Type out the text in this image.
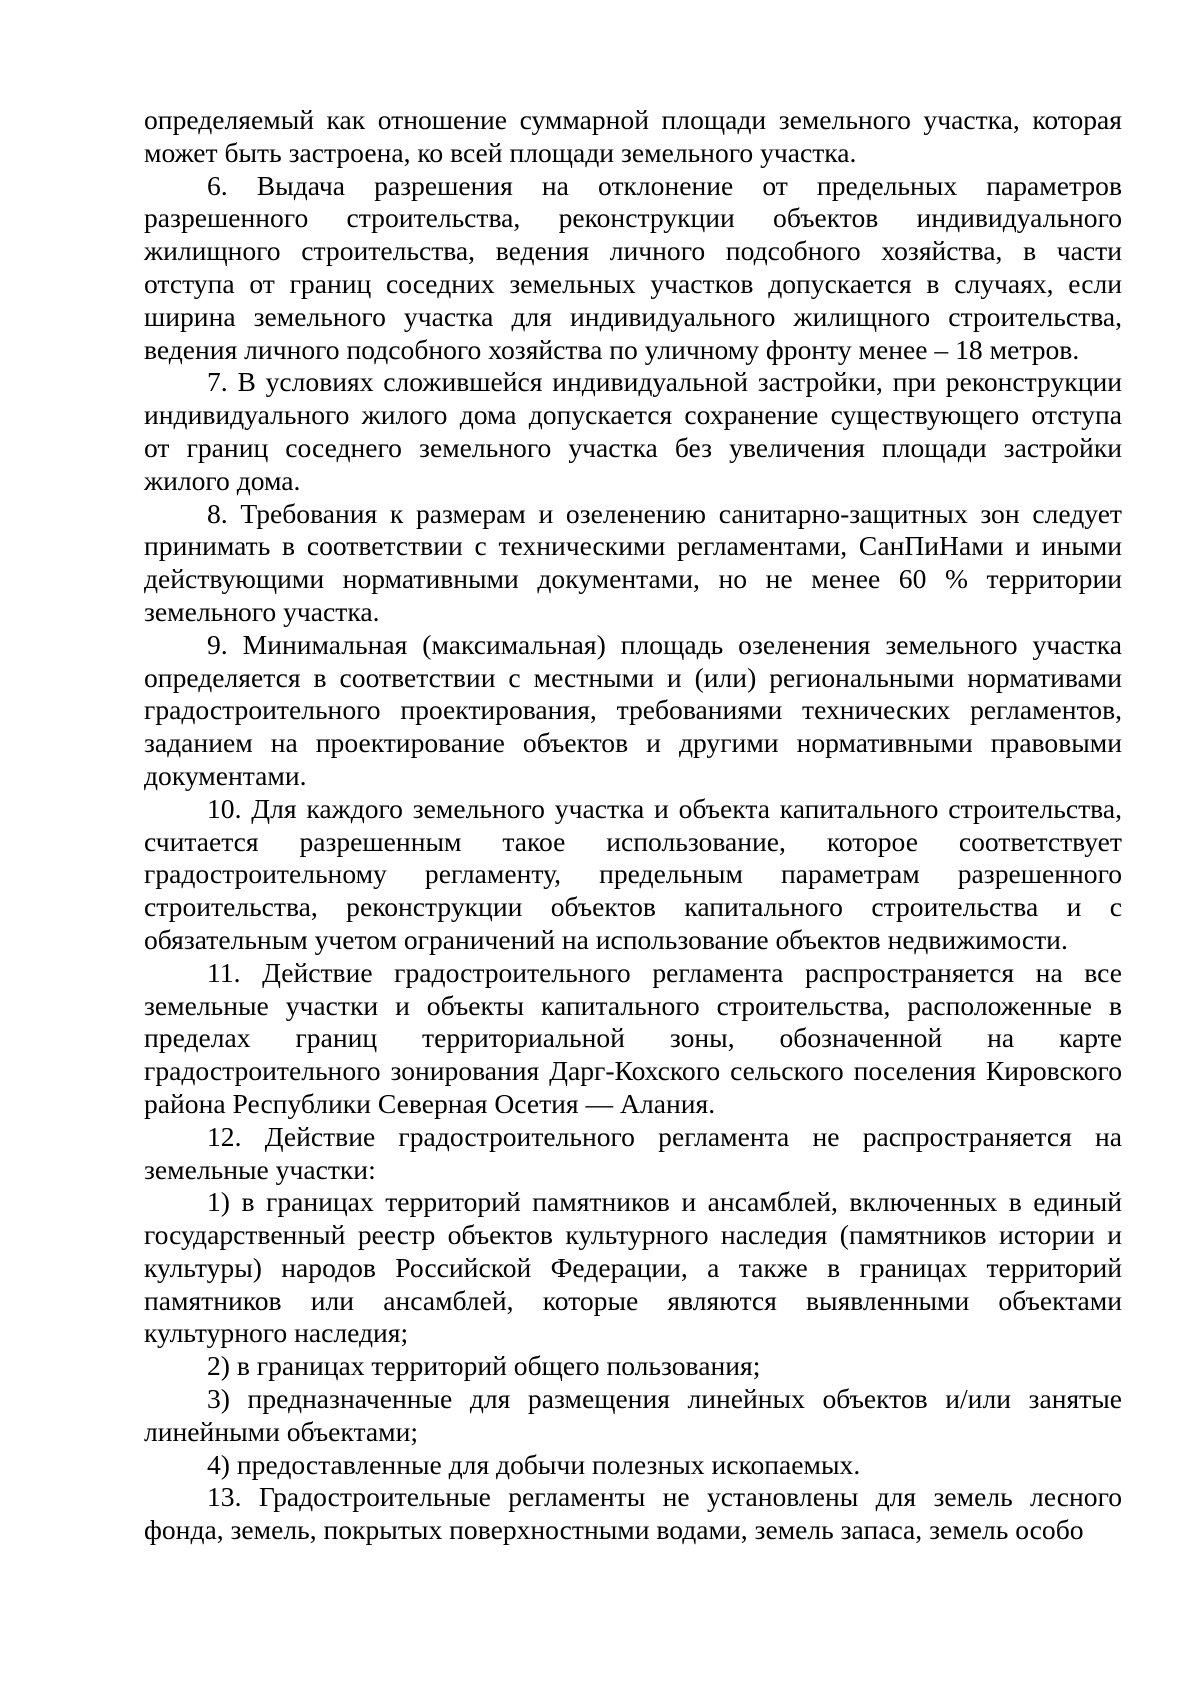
определяемый как отношение суммарной площади земельного участка, которая может быть застроена, ко всей площади земельного участка.

6. Выдача разрешения на отклонение от предельных параметров разрешенного строительства, реконструкции объектов индивидуального жилищного строительства, ведения личного подсобного хозяйства, в части отступа от границ соседних земельных участков допускается в случаях, если ширина земельного участка для индивидуального жилищного строительства, ведения личного подсобного хозяйства по уличному фронту менее – 18 метров.

7. В условиях сложившейся индивидуальной застройки, при реконструкции индивидуального жилого дома допускается сохранение существующего отступа от границ соседнего земельного участка без увеличения площади застройки жилого дома.

8. Требования к размерам и озеленению санитарно-защитных зон следует принимать в соответствии с техническими регламентами, СанПиНами и иными действующими нормативными документами, но не менее 60 % территории земельного участка.

9. Минимальная (максимальная) площадь озеленения земельного участка определяется в соответствии с местными и (или) региональными нормативами градостроительного проектирования, требованиями технических регламентов, заданием на проектирование объектов и другими нормативными правовыми документами.

10. Для каждого земельного участка и объекта капитального строительства, считается разрешенным такое использование, которое соответствует градостроительному регламенту, предельным параметрам разрешенного строительства, реконструкции объектов капитального строительства и с обязательным учетом ограничений на использование объектов недвижимости.

11. Действие градостроительного регламента распространяется на все земельные участки и объекты капитального строительства, расположенные в пределах границ территориальной зоны, обозначенной на карте градостроительного зонирования Дарг-Кохского сельского поселения Кировского района Республики Северная Осетия — Алания.

12. Действие градостроительного регламента не распространяется на земельные участки:

1) в границах территорий памятников и ансамблей, включенных в единый государственный реестр объектов культурного наследия (памятников истории и культуры) народов Российской Федерации, а также в границах территорий памятников или ансамблей, которые являются выявленными объектами культурного наследия;

2) в границах территорий общего пользования;

3) предназначенные для размещения линейных объектов и/или занятые линейными объектами;

4) предоставленные для добычи полезных ископаемых.

13. Градостроительные регламенты не установлены для земель лесного фонда, земель, покрытых поверхностными водами, земель запаса, земель особо
